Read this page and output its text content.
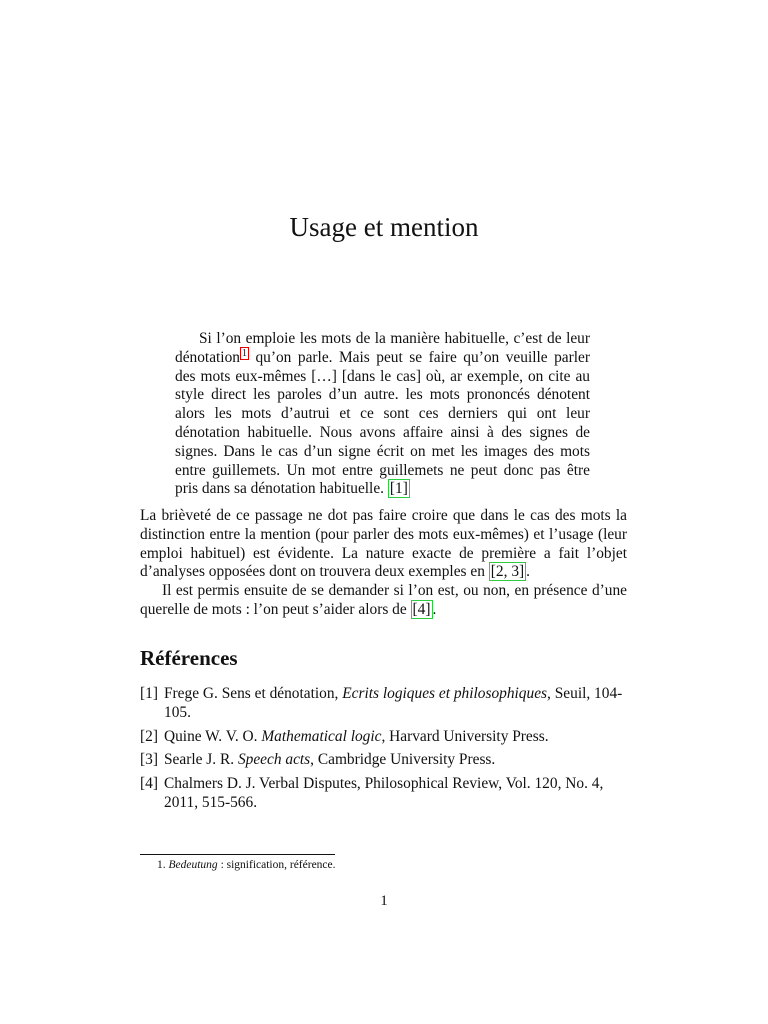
Usage et mention

Si l’on emploie les mots de la manière habituelle, c’est de leur dénotation $^1$ qu’on parle. Mais peut se faire qu’on veuille parler des mots eux-mêmes […] [dans le cas] où, ar exemple, on cite au style direct les paroles d’un autre. les mots prononcés dénotent alors les mots d’autrui et ce sont ces derniers qui ont leur dénotation habituelle. Nous avons affaire ainsi à des signes de signes. Dans le cas d’un signe écrit on met les images des mots entre guillemets. Un mot entre guillemets ne peut donc pas être pris dans sa dénotation habituelle. [1]

La brièveté de ce passage ne dot pas faire croire que dans le cas des mots la distinction entre la mention (pour parler des mots eux-mêmes) et l’usage (leur emploi habituel) est évidente. La nature exacte de première a fait l’objet d’analyses opposées dont on trouvera deux exemples en [2, 3] .

Il est permis ensuite de se demander si l’on est, ou non, en présence d’une querelle de mots : l’on peut s’aider alors de [4] .

Références
[1] Frege G. Sens et dénotation, Ecrits logiques et philosophiques, Seuil, 104-105.
[2] Quine W. V. O. Mathematical logic, Harvard University Press.
[3] Searle J. R. Speech acts, Cambridge University Press.
[4] Chalmers D. J. Verbal Disputes, Philosophical Review, Vol. 120, No. 4, 2011, 515-566.
1. Bedeutung : signification, référence.
1
